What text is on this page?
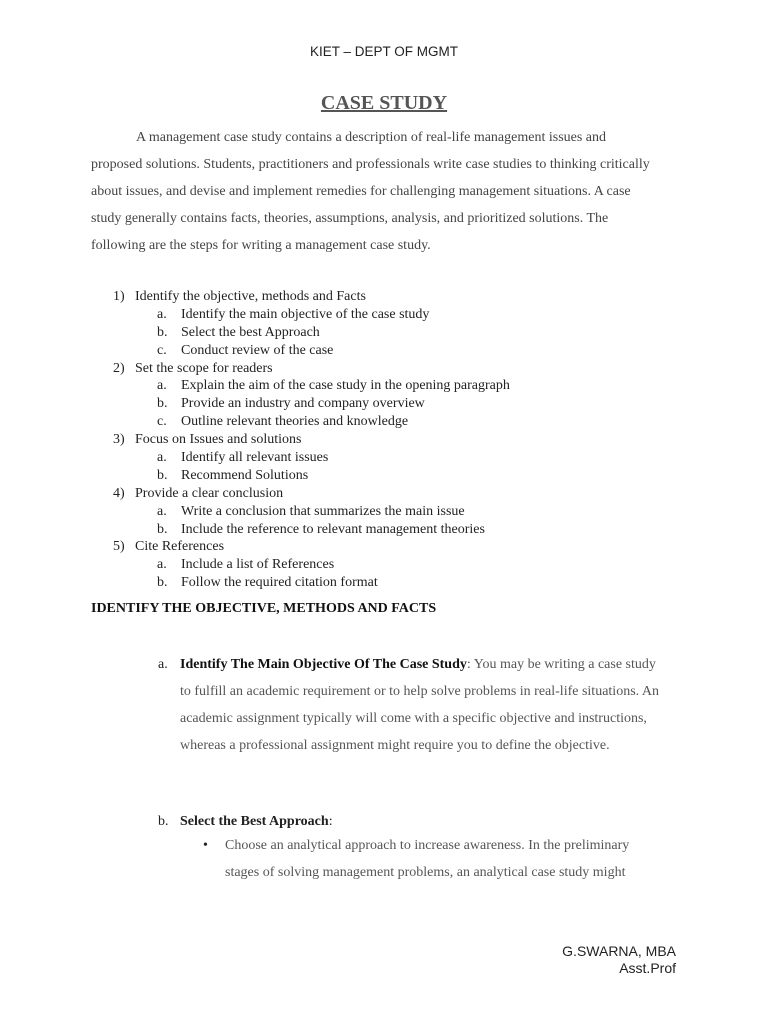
KIET – DEPT OF MGMT
CASE STUDY
A management case study contains a description of real-life management issues and proposed solutions. Students, practitioners and professionals write case studies to thinking critically about issues, and devise and implement remedies for challenging management situations. A case study generally contains facts, theories, assumptions, analysis, and prioritized solutions. The following are the steps for writing a management case study.
1) Identify the objective, methods and Facts
a. Identify the main objective of the case study
b. Select the best Approach
c. Conduct review of the case
2) Set the scope for readers
a. Explain the aim of the case study in the opening paragraph
b. Provide an industry and company overview
c. Outline relevant theories and knowledge
3) Focus on Issues and solutions
a. Identify all relevant issues
b. Recommend Solutions
4) Provide a clear conclusion
a. Write a conclusion that summarizes the main issue
b. Include the reference to relevant management theories
5) Cite References
a. Include a list of References
b. Follow the required citation format
IDENTIFY THE OBJECTIVE, METHODS AND FACTS
a. Identify The Main Objective Of The Case Study: You may be writing a case study to fulfill an academic requirement or to help solve problems in real-life situations. An academic assignment typically will come with a specific objective and instructions, whereas a professional assignment might require you to define the objective.
b. Select the Best Approach:
• Choose an analytical approach to increase awareness. In the preliminary stages of solving management problems, an analytical case study might
G.SWARNA, MBA
Asst.Prof
